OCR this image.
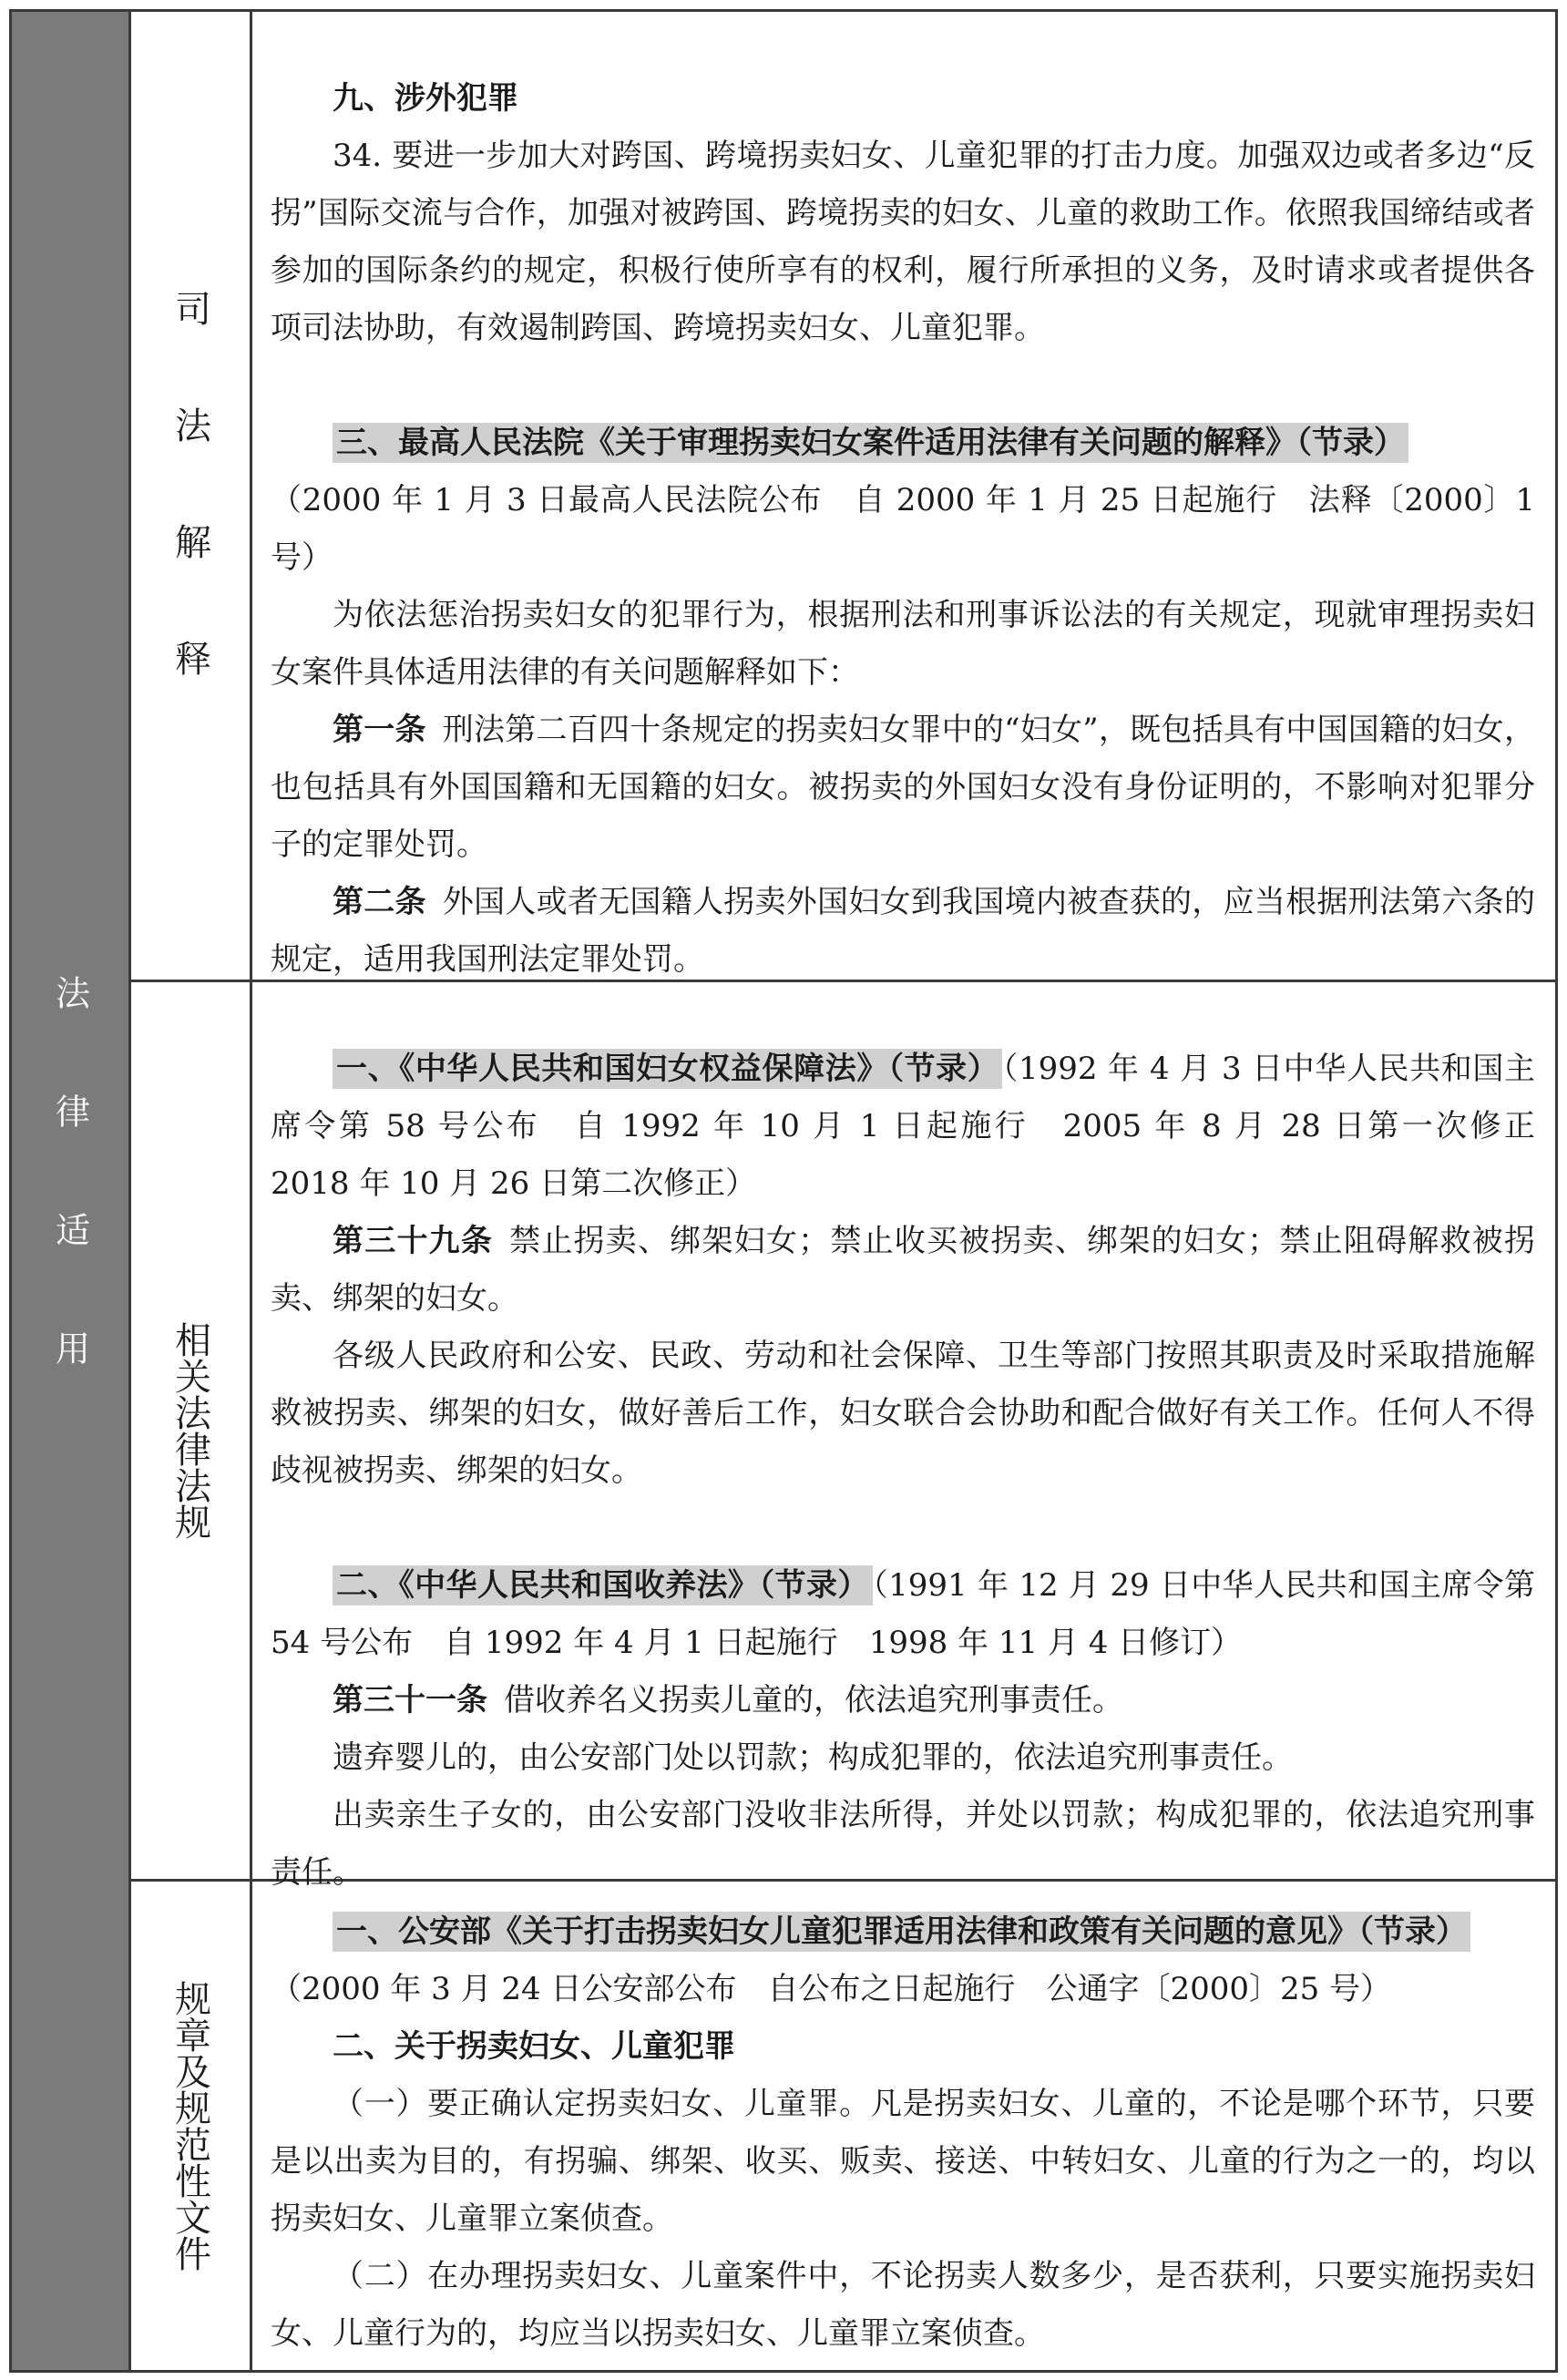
法律适用
司法解释

九、涉外犯罪

34. 要进一步加大对跨国、跨境拐卖妇女、儿童犯罪的打击力度。加强双边或者多边“反拐”国际交流与合作，加强对被跨国、跨境拐卖的妇女、儿童的救助工作。依照我国缔结或者参加的国际条约的规定，积极行使所享有的权利，履行所承担的义务，及时请求或者提供各项司法协助，有效遏制跨国、跨境拐卖妇女、儿童犯罪。

三、最高人民法院《关于审理拐卖妇女案件适用法律有关问题的解释》（节录）

（2000 年 1 月 3 日最高人民法院公布　自 2000 年 1 月 25 日起施行　法释〔2000〕1 号）

为依法惩治拐卖妇女的犯罪行为，根据刑法和刑事诉讼法的有关规定，现就审理拐卖妇女案件具体适用法律的有关问题解释如下：

第一条 刑法第二百四十条规定的拐卖妇女罪中的“妇女”，既包括具有中国国籍的妇女，也包括具有外国国籍和无国籍的妇女。被拐卖的外国妇女没有身份证明的，不影响对犯罪分子的定罪处罚。

第二条 外国人或者无国籍人拐卖外国妇女到我国境内被查获的，应当根据刑法第六条的规定，适用我国刑法定罪处罚。

相关法律法规

一、《中华人民共和国妇女权益保障法》（节录） （1992 年 4 月 3 日中华人民共和国主席令第 58 号公布　自 1992 年 10 月 1 日起施行　2005 年 8 月 28 日第一次修正　2018 年 10 月 26 日第二次修正）

第三十九条 禁止拐卖、绑架妇女；禁止收买被拐卖、绑架的妇女；禁止阻碍解救被拐卖、绑架的妇女。

各级人民政府和公安、民政、劳动和社会保障、卫生等部门按照其职责及时采取措施解救被拐卖、绑架的妇女，做好善后工作，妇女联合会协助和配合做好有关工作。任何人不得歧视被拐卖、绑架的妇女。

二、《中华人民共和国收养法》（节录） （1991 年 12 月 29 日中华人民共和国主席令第 54 号公布　自 1992 年 4 月 1 日起施行　1998 年 11 月 4 日修订）

第三十一条 借收养名义拐卖儿童的，依法追究刑事责任。

遗弃婴儿的，由公安部门处以罚款；构成犯罪的，依法追究刑事责任。

出卖亲生子女的，由公安部门没收非法所得，并处以罚款；构成犯罪的，依法追究刑事责任。

规章及规范性文件

一、公安部《关于打击拐卖妇女儿童犯罪适用法律和政策有关问题的意见》（节录）

（2000 年 3 月 24 日公安部公布　自公布之日起施行　公通字〔2000〕25 号）

二、关于拐卖妇女、儿童犯罪

（一）要正确认定拐卖妇女、儿童罪。凡是拐卖妇女、儿童的，不论是哪个环节，只要是以出卖为目的，有拐骗、绑架、收买、贩卖、接送、中转妇女、儿童的行为之一的，均以拐卖妇女、儿童罪立案侦查。

（二）在办理拐卖妇女、儿童案件中，不论拐卖人数多少，是否获利，只要实施拐卖妇女、儿童行为的，均应当以拐卖妇女、儿童罪立案侦查。
